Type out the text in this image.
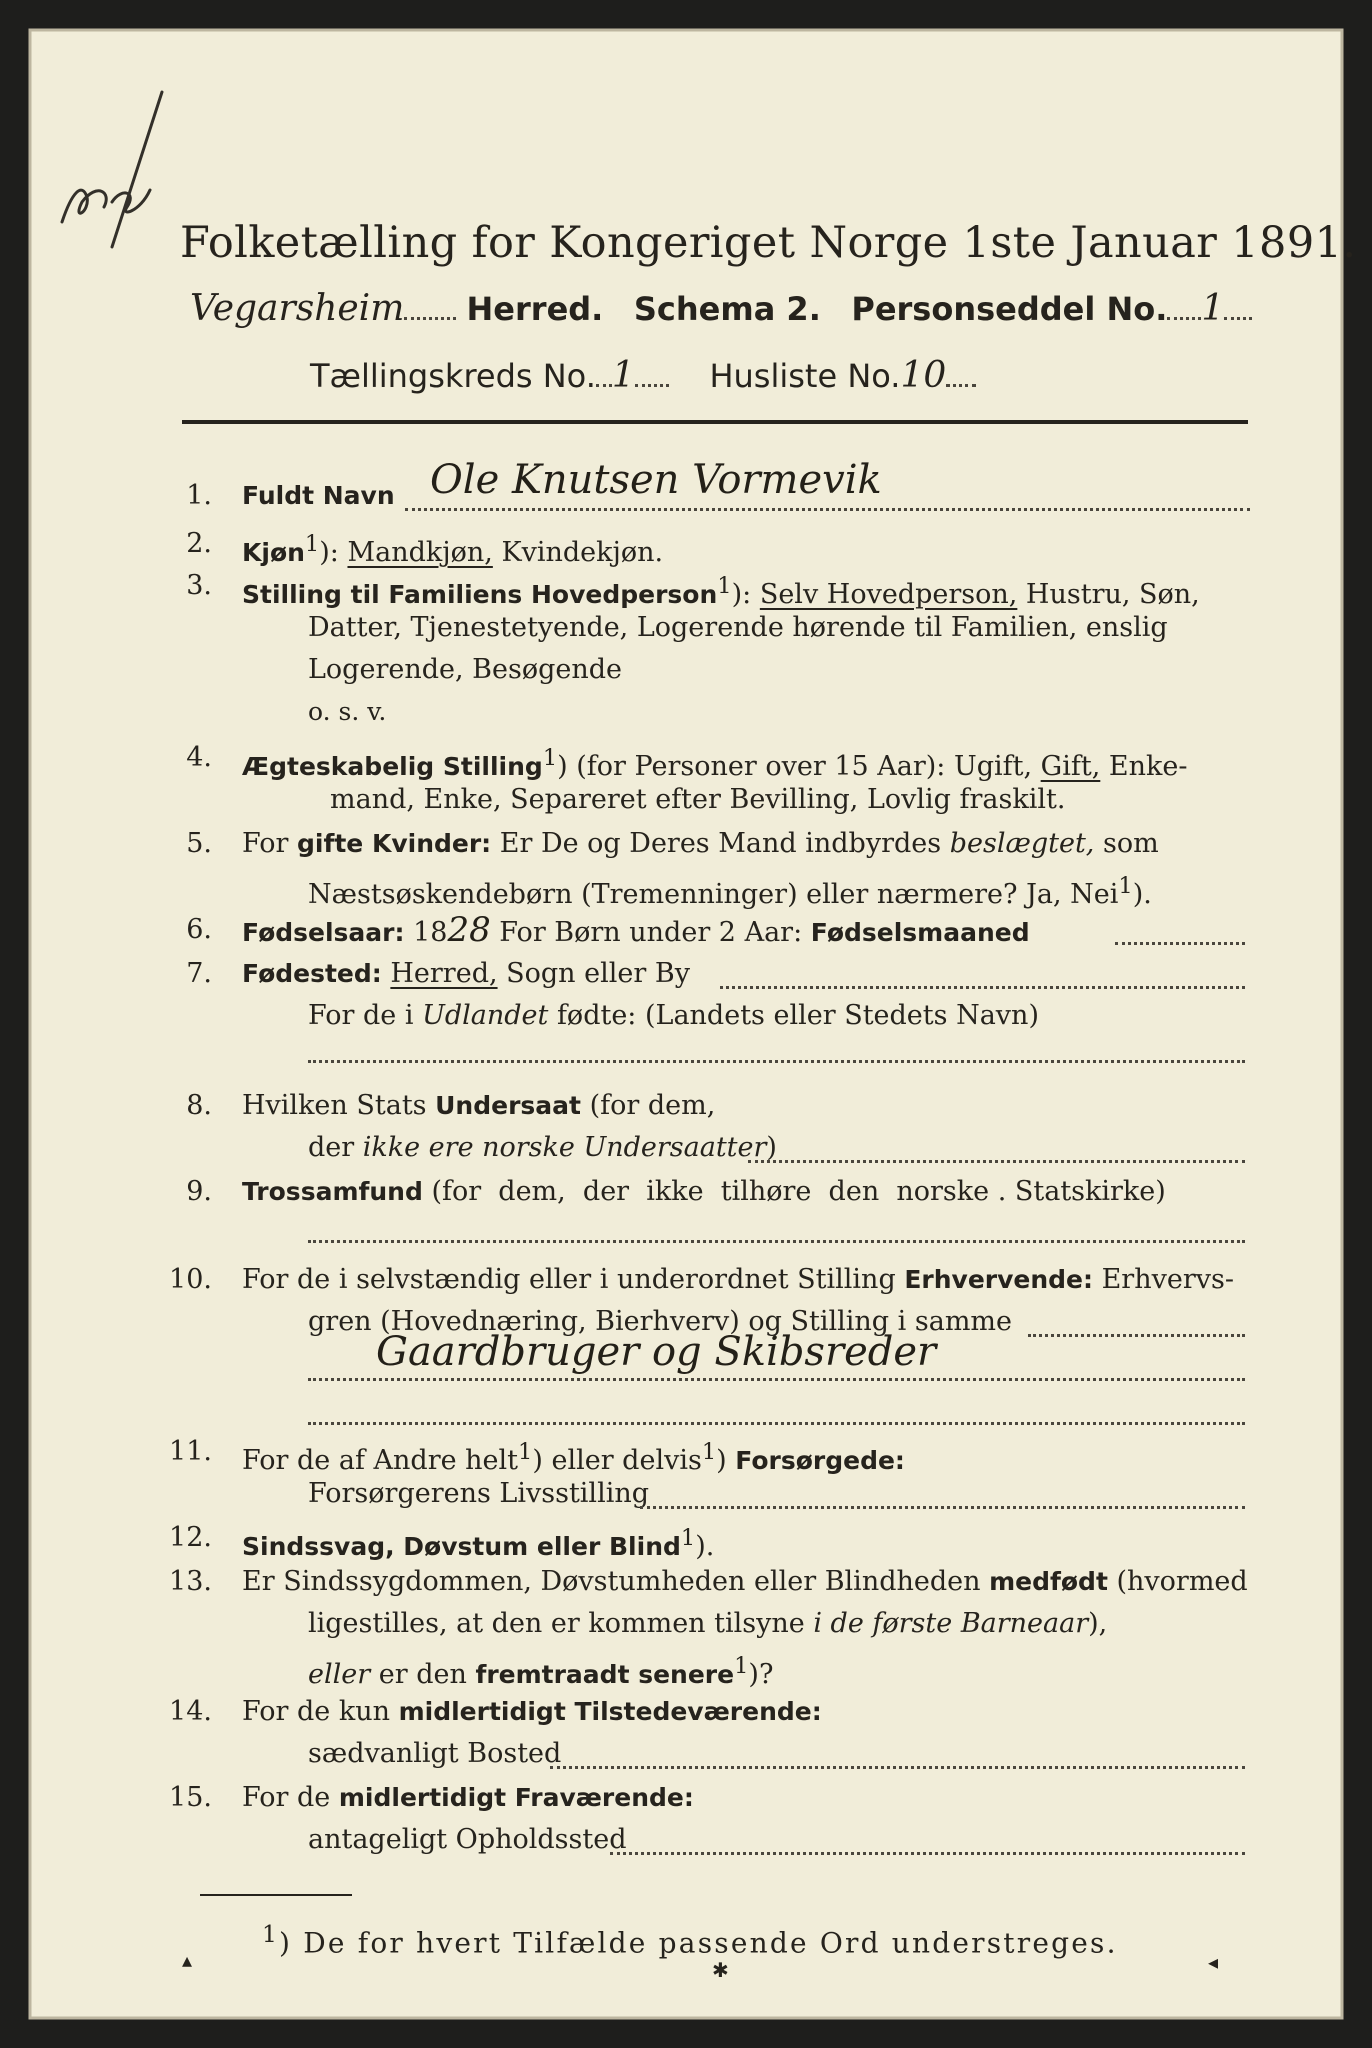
Folketælling for Kongeriget Norge 1ste Januar 1891.
Vegarsheim Herred. Schema 2. Personseddel No. 1
Tællingskreds No. 1 Husliste No.10
1. Fuldt Navn Ole Knutsen Vormevik
2. Kjøn$^1$): Mandkjøn, Kvindekjøn.
3. Stilling til Familiens Hovedperson$^1$): Selv Hovedperson, Hustru, Søn,
Datter, Tjenestetyende, Logerende hørende til Familien, enslig
Logerende, Besøgende
o. s. v.
4. Ægteskabelig Stilling$^1$) (for Personer over 15 Aar): Ugift, Gift, Enke-
mand, Enke, Separeret efter Bevilling, Lovlig fraskilt.
5. For gifte Kvinder: Er De og Deres Mand indbyrdes beslægtet, som
Næstsøskendebørn (Tremenninger) eller nærmere? Ja, Nei$^1$).
6. Fødselsaar: 1828 For Børn under 2 Aar: Fødselsmaaned
7. Fødested: Herred, Sogn eller By
For de i Udlandet fødte: (Landets eller Stedets Navn)
8. Hvilken Stats Undersaat (for dem,
der ikke ere norske Undersaatter)
9. Trossamfund (for  dem,  der  ikke  tilhøre  den  norske . Statskirke)
10. For de i selvstændig eller i underordnet Stilling Erhvervende: Erhvervs-
gren (Hovednæring, Bierhverv) og Stilling i samme
Gaardbruger og Skibsreder
11. For de af Andre helt$^1$) eller delvis$^1$) Forsørgede:
Forsørgerens Livsstilling
12. Sindssvag, Døvstum eller Blind$^1$).
13. Er Sindssygdommen, Døvstumheden eller Blindheden medfødt (hvormed
ligestilles, at den er kommen tilsyne i de første Barneaar),
eller er den fremtraadt senere$^1$)?
14. For de kun midlertidigt Tilstedeværende:
sædvanligt Bosted
15. For de midlertidigt Fraværende:
antageligt Opholdssted
$^1$) De for hvert Tilfælde passende Ord understreges.
▴	✱	◂
